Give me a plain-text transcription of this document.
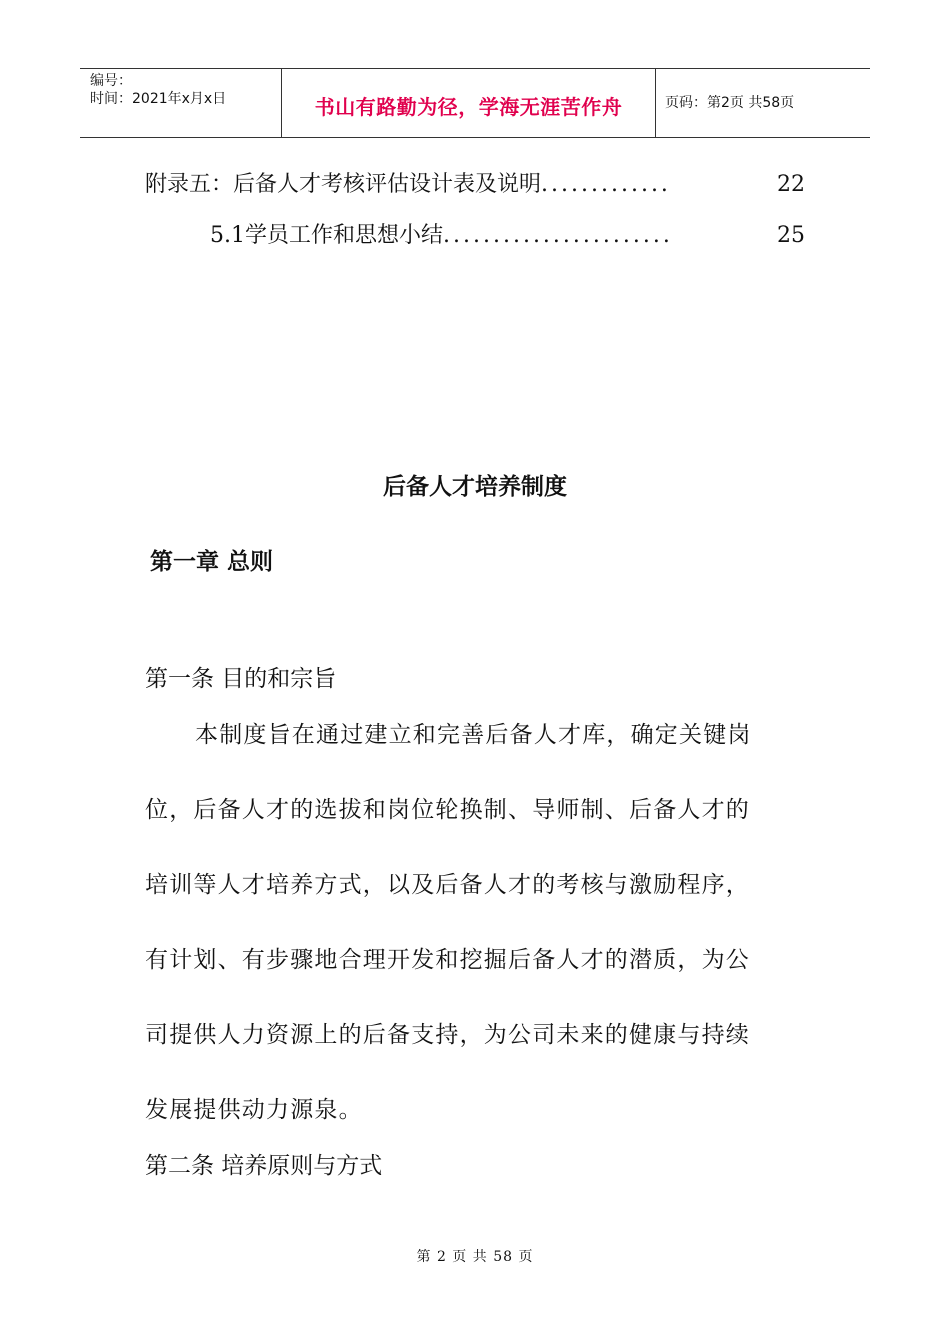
编号：
时间：2021年x月x日	书山有路勤为径，学海无涯苦作舟	页码：第2页 共58页
附录五：后备人才考核评估设计表及说明.............	22
5.1学员工作和思想小结.......................	25
后备人才培养制度
第一章 总则
第一条 目的和宗旨
本制度旨在通过建立和完善后备人才库，确定关键岗
位，后备人才的选拔和岗位轮换制、导师制、后备人才的
培训等人才培养方式，以及后备人才的考核与激励程序，
有计划、有步骤地合理开发和挖掘后备人才的潜质，为公
司提供人力资源上的后备支持，为公司未来的健康与持续
发展提供动力源泉。
第二条 培养原则与方式
第 2 页 共 58 页
